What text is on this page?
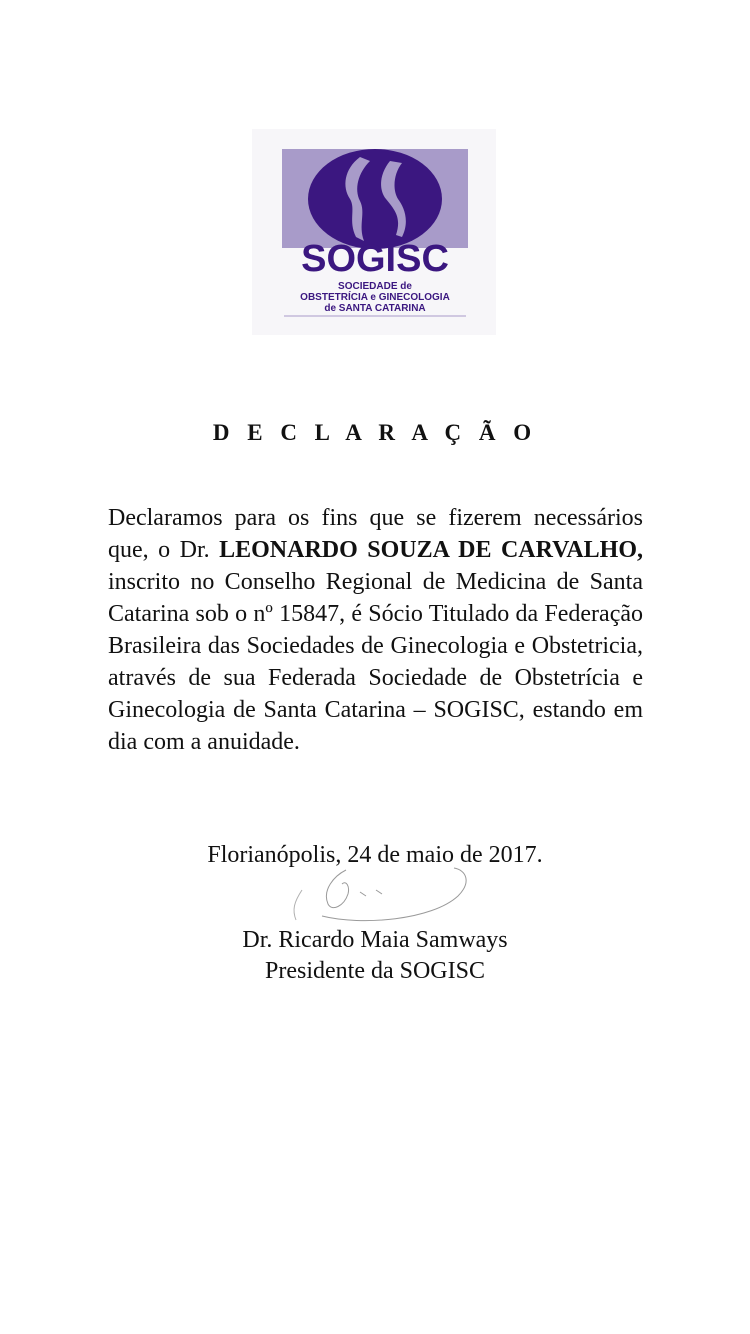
SOGISC
SOCIEDADE de
OBSTETRÍCIA e GINECOLOGIA
de SANTA CATARINA
D E C L A R A Ç Ã O

Declaramos para os fins que se fizerem necessários que, o Dr. LEONARDO SOUZA DE CARVALHO, inscrito no Conselho Regional de Medicina de Santa Catarina sob o nº 15847, é Sócio Titulado da Federação Brasileira das Sociedades de Ginecologia e Obstetricia, através de sua Federada Sociedade de Obstetrícia e Ginecologia de Santa Catarina – SOGISC, estando em dia com a anuidade.

Florianópolis, 24 de maio de 2017.
Dr. Ricardo Maia Samways
Presidente da SOGISC
